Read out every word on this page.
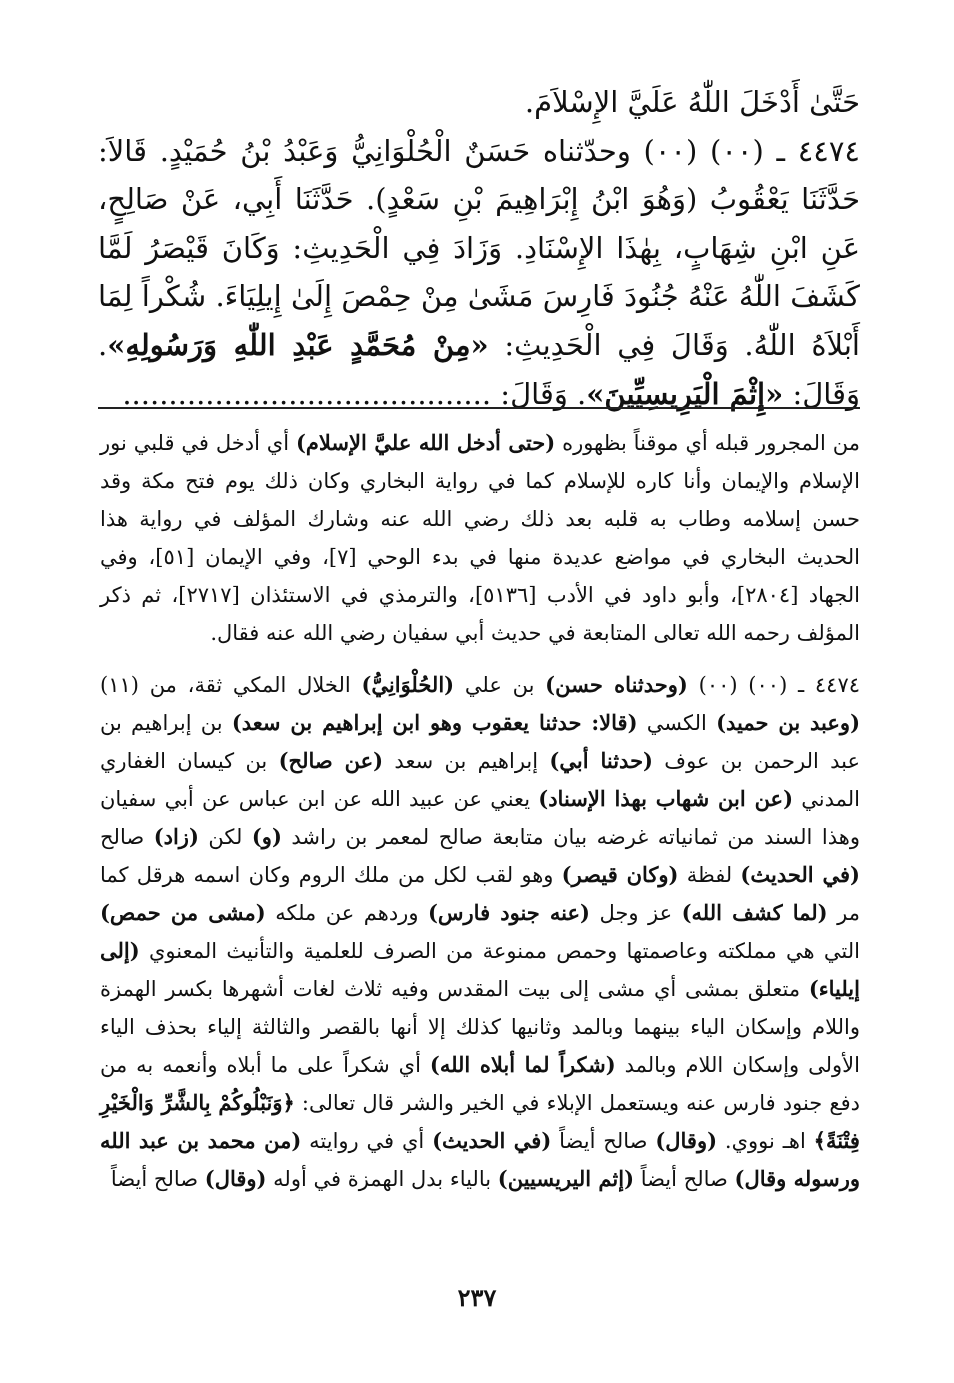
حَتَّىٰ أَدْخَلَ اللّٰهُ عَلَيَّ الإِسْلاَمَ.

٤٤٧٤ ـ (٠٠) (٠٠) وحدّثناه حَسَنٌ الْحُلْوَانِيُّ وَعَبْدُ بْنُ حُمَيْدٍ. قَالاَ: حَدَّثَنَا يَعْقُوبُ (وَهُوَ ابْنُ إِبْرَاهِيمَ بْنِ سَعْدٍ). حَدَّثَنَا أَبِي، عَنْ صَالِحٍ، عَنِ ابْنِ شِهَابٍ، بِهٰذَا الإِسْنَادِ. وَزَادَ فِي الْحَدِيثِ: وَكَانَ قَيْصَرُ لَمَّا كَشَفَ اللّٰهُ عَنْهُ جُنُودَ فَارِسَ مَشَىٰ مِنْ حِمْصَ إِلَىٰ إِيلِيَاءَ. شُكْراً لِمَا أَبْلاَهُ اللّٰهُ. وَقَالَ فِي الْحَدِيثِ: «مِنْ مُحَمَّدٍ عَبْدِ اللّٰهِ وَرَسُولِهِ». وَقَالَ: «إِثْمَ الْيَرِيسِيِّينَ». وَقَالَ: ........................................

من المجرور قبله أي موقناً بظهوره (حتى أدخل الله عليَّ الإسلام) أي أدخل في قلبي نور الإسلام والإيمان وأنا كاره للإسلام كما في رواية البخاري وكان ذلك يوم فتح مكة وقد حسن إسلامه وطاب به قلبه بعد ذلك رضي الله عنه وشارك المؤلف في رواية هذا الحديث البخاري في مواضع عديدة منها في بدء الوحي [٧]، وفي الإيمان [٥١]، وفي الجهاد [٢٨٠٤]، وأبو داود في الأدب [٥١٣٦]، والترمذي في الاستئذان [٢٧١٧]، ثم ذكر المؤلف رحمه الله تعالى المتابعة في حديث أبي سفيان رضي الله عنه فقال.

٤٤٧٤ ـ (٠٠) (٠٠) (وحدثناه حسن) بن علي (الحُلْوَانِيُّ) الخلال المكي ثقة، من (١١) (وعبد بن حميد) الكسي (قالا: حدثنا يعقوب وهو ابن إبراهيم بن سعد) بن إبراهيم بن عبد الرحمن بن عوف (حدثنا أبي) إبراهيم بن سعد (عن صالح) بن كيسان الغفاري المدني (عن ابن شهاب بهذا الإسناد) يعني عن عبيد الله عن ابن عباس عن أبي سفيان وهذا السند من ثمانياته غرضه بيان متابعة صالح لمعمر بن راشد (و) لكن (زاد) صالح (في الحديث) لفظة (وكان قيصر) وهو لقب لكل من ملك الروم وكان اسمه هرقل كما مر (لما كشف الله) عز وجل (عنه جنود فارس) وردهم عن ملكه (مشى من حمص) التي هي مملكته وعاصمتها وحمص ممنوعة من الصرف للعلمية والتأنيث المعنوي (إلى إيلياء) متعلق بمشى أي مشى إلى بيت المقدس وفيه ثلاث لغات أشهرها بكسر الهمزة واللام وإسكان الياء بينهما وبالمد وثانيها كذلك إلا أنها بالقصر والثالثة إلياء بحذف الياء الأولى وإسكان اللام وبالمد (شكراً لما أبلاه الله) أي شكراً على ما أبلاه وأنعمه به من دفع جنود فارس عنه ويستعمل الإبلاء في الخير والشر قال تعالى: ﴿وَنَبْلُوكُمْ بِالشَّرِّ وَالْخَيْرِ فِتْنَةً﴾ اهـ نووي. (وقال) صالح أيضاً (في الحديث) أي في روايته (من محمد بن عبد الله ورسوله وقال) صالح أيضاً (إثم اليريسيين) بالياء بدل الهمزة في أوله (وقال) صالح أيضاً

٢٣٧
